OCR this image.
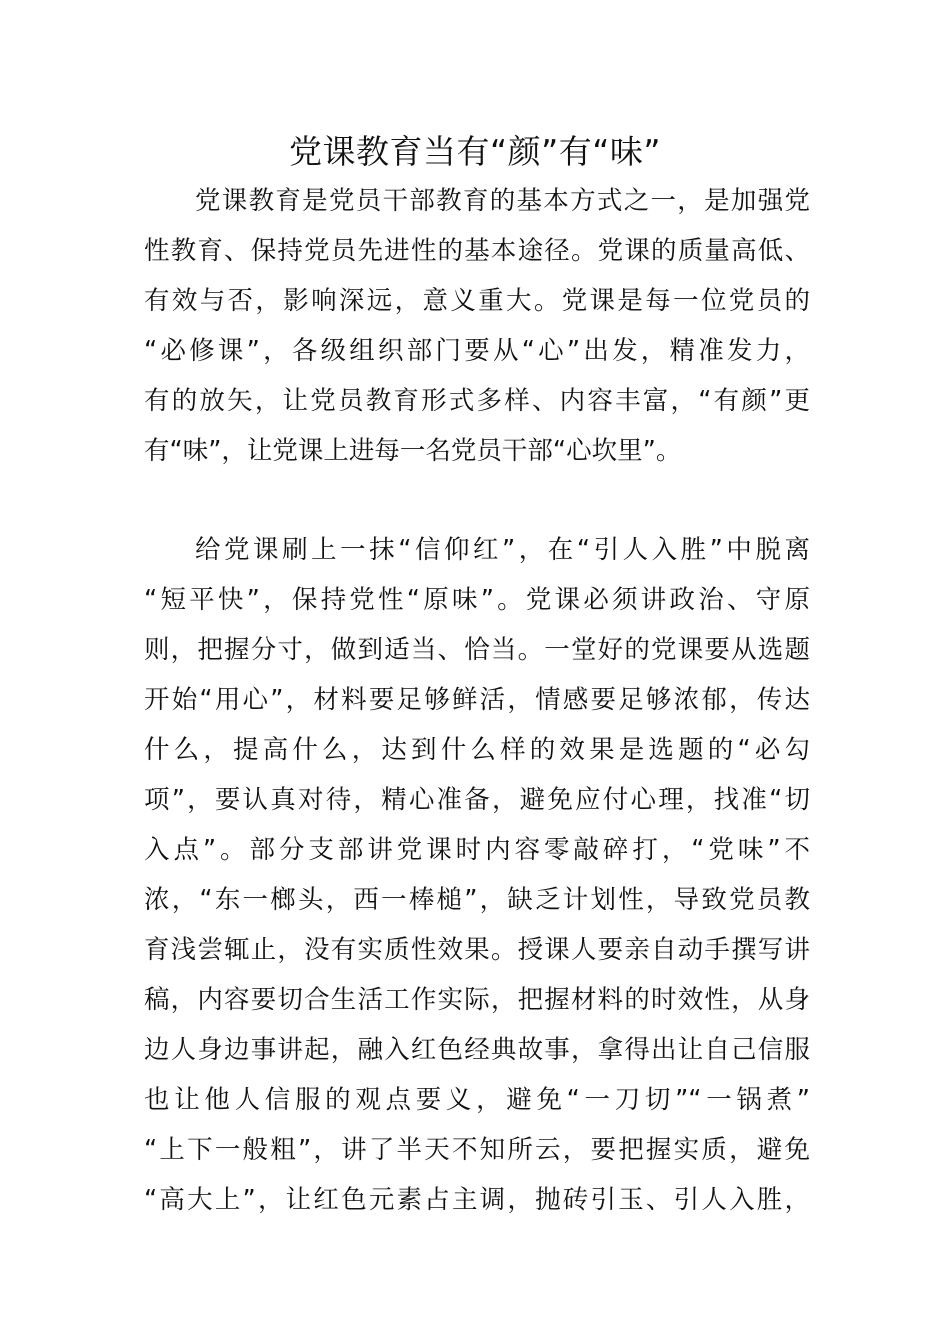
党课教育当有“颜”有“味”
党课教育是党员干部教育的基本方式之一，是加强党
性教育、保持党员先进性的基本途径。党课的质量高低、
有效与否，影响深远，意义重大。党课是每一位党员的
“必修课”，各级组织部门要从“心”出发，精准发力，
有的放矢，让党员教育形式多样、内容丰富，“有颜”更
有“味”，让党课上进每一名党员干部“心坎里”。
给党课刷上一抹“信仰红”，在“引人入胜”中脱离
“短平快”，保持党性“原味”。党课必须讲政治、守原
则，把握分寸，做到适当、恰当。一堂好的党课要从选题
开始“用心”，材料要足够鲜活，情感要足够浓郁，传达
什么，提高什么，达到什么样的效果是选题的“必勾
项”，要认真对待，精心准备，避免应付心理，找准“切
入点”。部分支部讲党课时内容零敲碎打，“党味”不
浓，“东一榔头，西一棒槌”，缺乏计划性，导致党员教
育浅尝辄止，没有实质性效果。授课人要亲自动手撰写讲
稿，内容要切合生活工作实际，把握材料的时效性，从身
边人身边事讲起，融入红色经典故事，拿得出让自己信服
也让他人信服的观点要义，避免“一刀切”“一锅煮”
“上下一般粗”，讲了半天不知所云，要把握实质，避免
“高大上”，让红色元素占主调，抛砖引玉、引人入胜，
